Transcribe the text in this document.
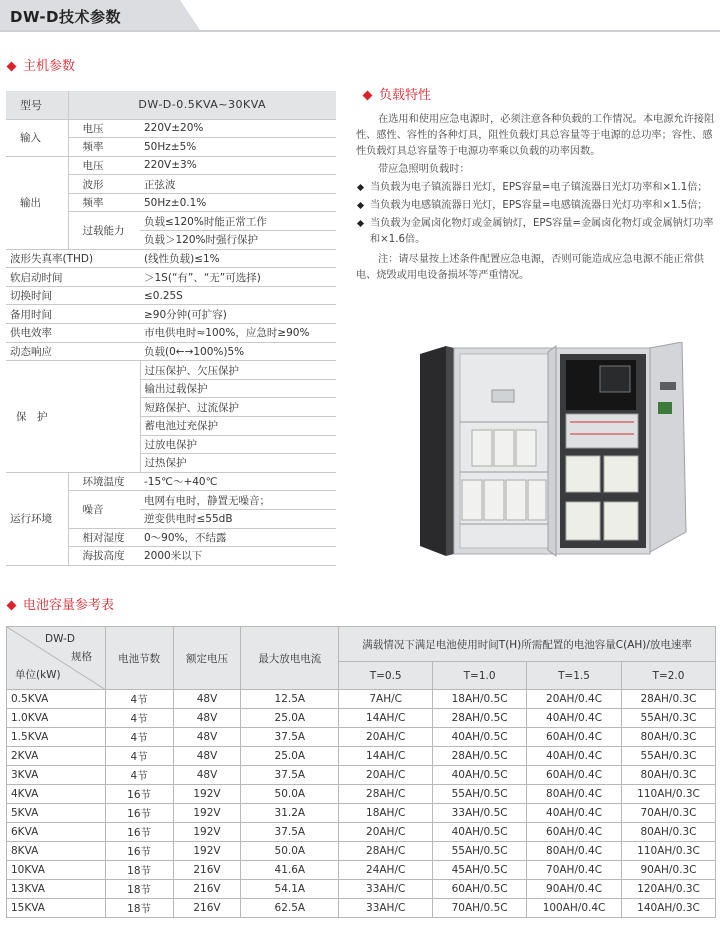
DW-D技术参数
主机参数
型号	DW-D-0.5KVA~30KVA	
输入	电压	220V±20%
	频率	50Hz±5%
输出	电压	220V±3%
	波形	正弦波
	频率	50Hz±0.1%
	过载能力	负载≤120%时能正常工作
		负载＞120%时强行保护
波形失真率(THD)		(线性负载)≤1%
软启动时间		＞1S(“有”、“无”可选择)
切换时间		≤0.25S
备用时间		≥90分钟(可扩容)
供电效率		市电供电时≈100%，应急时≥90%
动态响应		负载(0←→100%)5%
保　护		过压保护、欠压保护
		输出过载保护
		短路保护、过流保护
		蓄电池过充保护
		过放电保护
		过热保护
运行环境	环境温度	-15℃～+40℃
	噪音	电网有电时，静置无噪音；
		逆变供电时≤55dB
	相对湿度	0～90%，不结露
	海拔高度	2000米以下
负载特性

在选用和使用应急电源时，必须注意各种负载的工作情况。本电源允许接阻性、感性、容性的各种灯具，阻性负载灯具总容量等于电源的总功率；容性、感性负载灯具总容量等于电源功率乘以负载的功率因数。

带应急照明负载时：

当负载为电子镇流器日光灯，EPS容量=电子镇流器日光灯功率和×1.1倍；
当负载为电感镇流器日光灯，EPS容量=电感镇流器日光灯功率和×1.5倍；
当负载为金属卤化物灯或金属钠灯，EPS容量=金属卤化物灯或金属钠灯功率和×1.6倍。

注：请尽量按上述条件配置应急电源，否则可能造成应急电源不能正常供电、烧毁或用电设备损坏等严重情况。

电池容量参考表
DW-D
规格
单位(kW)	电池节数	额定电压	最大放电电流	满载情况下满足电池使用时间T(H)所需配置的电池容量C(AH)/放电速率			
				T=0.5	T=1.0	T=1.5	T=2.0
0.5KVA	4节	48V	12.5A	7AH/C	18AH/0.5C	20AH/0.4C	28AH/0.3C
1.0KVA	4节	48V	25.0A	14AH/C	28AH/0.5C	40AH/0.4C	55AH/0.3C
1.5KVA	4节	48V	37.5A	20AH/C	40AH/0.5C	60AH/0.4C	80AH/0.3C
2KVA	4节	48V	25.0A	14AH/C	28AH/0.5C	40AH/0.4C	55AH/0.3C
3KVA	4节	48V	37.5A	20AH/C	40AH/0.5C	60AH/0.4C	80AH/0.3C
4KVA	16节	192V	50.0A	28AH/C	55AH/0.5C	80AH/0.4C	110AH/0.3C
5KVA	16节	192V	31.2A	18AH/C	33AH/0.5C	40AH/0.4C	70AH/0.3C
6KVA	16节	192V	37.5A	20AH/C	40AH/0.5C	60AH/0.4C	80AH/0.3C
8KVA	16节	192V	50.0A	28AH/C	55AH/0.5C	80AH/0.4C	110AH/0.3C
10KVA	18节	216V	41.6A	24AH/C	45AH/0.5C	70AH/0.4C	90AH/0.3C
13KVA	18节	216V	54.1A	33AH/C	60AH/0.5C	90AH/0.4C	120AH/0.3C
15KVA	18节	216V	62.5A	33AH/C	70AH/0.5C	100AH/0.4C	140AH/0.3C
